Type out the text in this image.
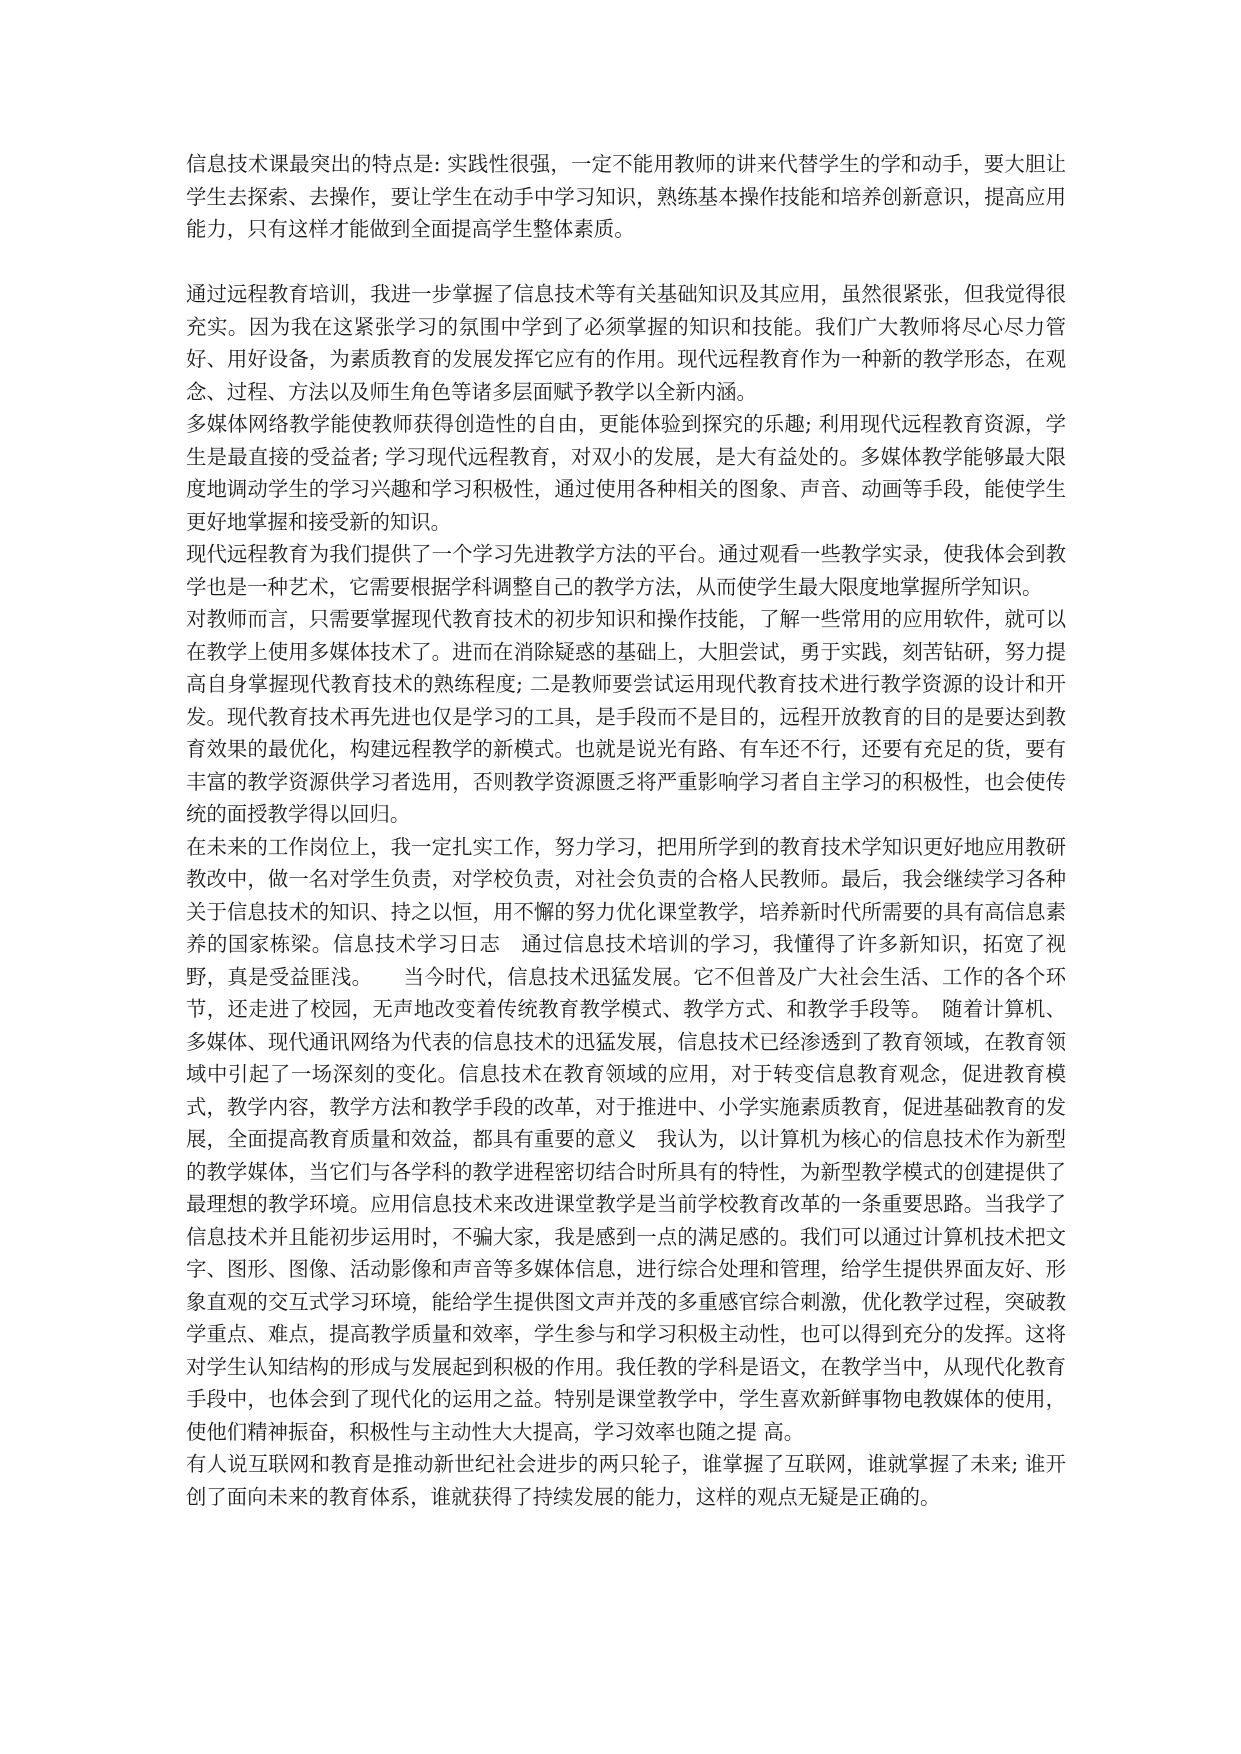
信息技术课最突出的特点是: 实践性很强，一定不能用教师的讲来代替学生的学和动手，要大胆让学生去探索、去操作，要让学生在动手中学习知识，熟练基本操作技能和培养创新意识，提高应用能力，只有这样才能做到全面提高学生整体素质。

通过远程教育培训，我进一步掌握了信息技术等有关基础知识及其应用，虽然很紧张，但我觉得很充实。因为我在这紧张学习的氛围中学到了必须掌握的知识和技能。我们广大教师将尽心尽力管好、用好设备，为素质教育的发展发挥它应有的作用。现代远程教育作为一种新的教学形态，在观念、过程、方法以及师生角色等诸多层面赋予教学以全新内涵。

多媒体网络教学能使教师获得创造性的自由，更能体验到探究的乐趣; 利用现代远程教育资源，学生是最直接的受益者; 学习现代远程教育，对双小的发展，是大有益处的。多媒体教学能够最大限度地调动学生的学习兴趣和学习积极性，通过使用各种相关的图象、声音、动画等手段，能使学生更好地掌握和接受新的知识。

现代远程教育为我们提供了一个学习先进教学方法的平台。通过观看一些教学实录，使我体会到教学也是一种艺术，它需要根据学科调整自己的教学方法，从而使学生最大限度地掌握所学知识。

对教师而言，只需要掌握现代教育技术的初步知识和操作技能，了解一些常用的应用软件，就可以在教学上使用多媒体技术了。进而在消除疑惑的基础上，大胆尝试，勇于实践，刻苦钻研，努力提高自身掌握现代教育技术的熟练程度; 二是教师要尝试运用现代教育技术进行教学资源的设计和开发。现代教育技术再先进也仅是学习的工具，是手段而不是目的，远程开放教育的目的是要达到教育效果的最优化，构建远程教学的新模式。也就是说光有路、有车还不行，还要有充足的货，要有丰富的教学资源供学习者选用，否则教学资源匮乏将严重影响学习者自主学习的积极性，也会使传统的面授教学得以回归。

在未来的工作岗位上，我一定扎实工作，努力学习，把用所学到的教育技术学知识更好地应用教研教改中，做一名对学生负责，对学校负责，对社会负责的合格人民教师。最后，我会继续学习各种关于信息技术的知识、持之以恒，用不懈的努力优化课堂教学，培养新时代所需要的具有高信息素养的国家栋梁。信息技术学习日志　通过信息技术培训的学习，我懂得了许多新知识，拓宽了视野，真是受益匪浅。　　当今时代，信息技术迅猛发展。它不但普及广大社会生活、工作的各个环节，还走进了校园，无声地改变着传统教育教学模式、教学方式、和教学手段等。　随着计算机、多媒体、现代通讯网络为代表的信息技术的迅猛发展，信息技术已经渗透到了教育领域，在教育领域中引起了一场深刻的变化。信息技术在教育领域的应用，对于转变信息教育观念，促进教育模式，教学内容，教学方法和教学手段的改革，对于推进中、小学实施素质教育，促进基础教育的发展，全面提高教育质量和效益，都具有重要的意义　我认为，以计算机为核心的信息技术作为新型的教学媒体，当它们与各学科的教学进程密切结合时所具有的特性，为新型教学模式的创建提供了最理想的教学环境。应用信息技术来改进课堂教学是当前学校教育改革的一条重要思路。当我学了信息技术并且能初步运用时，不骗大家，我是感到一点的满足感的。我们可以通过计算机技术把文字、图形、图像、活动影像和声音等多媒体信息，进行综合处理和管理，给学生提供界面友好、形象直观的交互式学习环境，能给学生提供图文声并茂的多重感官综合刺激，优化教学过程，突破教学重点、难点，提高教学质量和效率，学生参与和学习积极主动性，也可以得到充分的发挥。这将对学生认知结构的形成与发展起到积极的作用。我任教的学科是语文，在教学当中，从现代化教育手段中，也体会到了现代化的运用之益。特别是课堂教学中，学生喜欢新鲜事物电教媒体的使用，使他们精神振奋，积极性与主动性大大提高，学习效率也随之提 高。

有人说互联网和教育是推动新世纪社会进步的两只轮子，谁掌握了互联网，谁就掌握了未来; 谁开创了面向未来的教育体系，谁就获得了持续发展的能力，这样的观点无疑是正确的。
